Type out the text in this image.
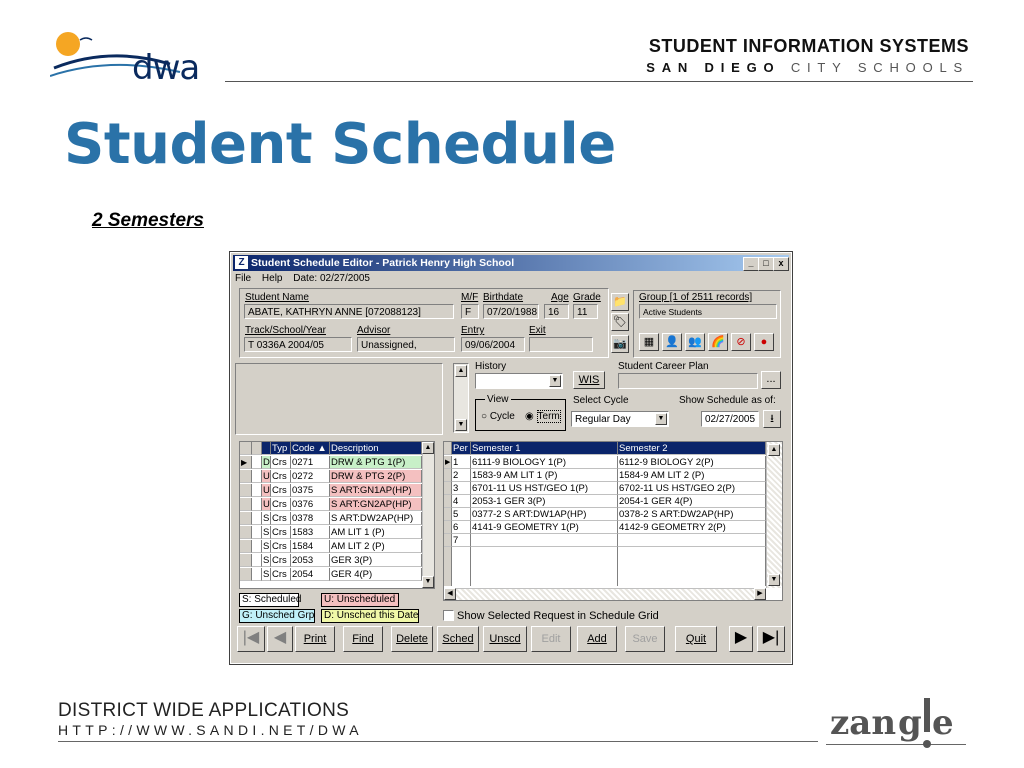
dwa
STUDENT INFORMATION SYSTEMS
SAN DIEGO CITY SCHOOLS
Student Schedule
2 Semesters
Z Student Schedule Editor - Patrick Henry High School	_	□	x
File Help Date: 02/27/2005
Student Name
ABATE, KATHRYN ANNE [072088123]
M/F
F
Birthdate
07/20/1988
Age
16
Grade
11
Track/School/Year
T 0336A 2004/05
Advisor
Unassigned,
Entry
09/06/2004
Exit
📁
🏷
📷
Group [1 of 2511 records]
Active Students
▦ 👤 👥 🌈	⊘	●
▲
▼
History
▼	WIS
Student Career Plan
...
View
○ Cycle ◉ Term
Select Cycle
Regular Day	▼
Show Schedule as of:
02/27/2005	⭳
Typ Code ▲ Description
▶	D Crs 0271	DRW & PTG 1(P)
U Crs 0272	DRW & PTG 2(P)
U Crs 0375	S ART:GN1AP(HP)
U Crs 0376	S ART:GN2AP(HP)
S Crs 0378	S ART:DW2AP(HP)
S Crs 1583	AM LIT 1 (P)
S Crs 1584	AM LIT 2 (P)
S Crs 2053	GER 3(P)
S Crs 2054	GER 4(P)
▲
▼
Per Semester 1	Semester 2
▶ 1	6111-9 BIOLOGY 1(P)	6112-9 BIOLOGY 2(P)
2	1583-9 AM LIT 1 (P)	1584-9 AM LIT 2 (P)
3	6701-11 US HST/GEO 1(P)	6702-11 US HST/GEO 2(P)
4	2053-1 GER 3(P)	2054-1 GER 4(P)
5	0377-2 S ART:DW1AP(HP)	0378-2 S ART:DW2AP(HP)
6	4141-9 GEOMETRY 1(P)	4142-9 GEOMETRY 2(P)
7
▲
▼
◀	▶
S: Scheduled	U: Unscheduled
G: Unsched Grp D: Unsched this Date	Show Selected Request in Schedule Grid
|◀ ◀	Print	Find	Delete	Sched	Unscd	Edit	Add	Save	Quit	▶ ▶|
DISTRICT WIDE APPLICATIONS
HTTP://WWW.SANDI.NET/DWA	zan g e
